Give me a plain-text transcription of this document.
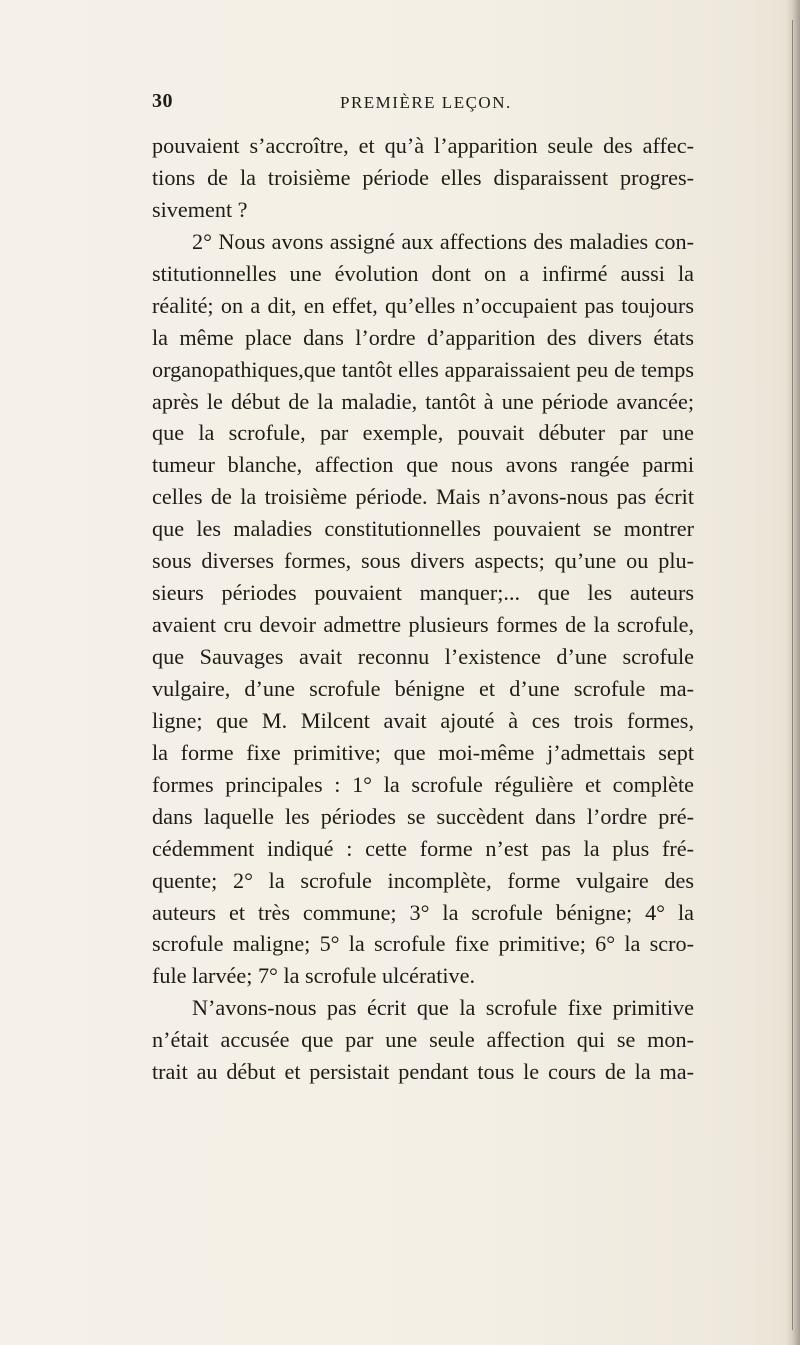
30	PREMIÈRE LEÇON.
pouvaient s’accroître, et qu’à l’apparition seule des affec-
tions de la troisième période elles disparaissent progres-
sivement ?
2° Nous avons assigné aux affections des maladies con-
stitutionnelles une évolution dont on a infirmé aussi la
réalité; on a dit, en effet, qu’elles n’occupaient pas toujours
la même place dans l’ordre d’apparition des divers états
organopathiques,que tantôt elles apparaissaient peu de temps
après le début de la maladie, tantôt à une période avancée;
que la scrofule, par exemple, pouvait débuter par une
tumeur blanche, affection que nous avons rangée parmi
celles de la troisième période. Mais n’avons-nous pas écrit
que les maladies constitutionnelles pouvaient se montrer
sous diverses formes, sous divers aspects; qu’une ou plu-
sieurs périodes pouvaient manquer;... que les auteurs
avaient cru devoir admettre plusieurs formes de la scrofule,
que Sauvages avait reconnu l’existence d’une scrofule
vulgaire, d’une scrofule bénigne et d’une scrofule ma-
ligne; que M. Milcent avait ajouté à ces trois formes,
la forme fixe primitive; que moi-même j’admettais sept
formes principales : 1° la scrofule régulière et complète
dans laquelle les périodes se succèdent dans l’ordre pré-
cédemment indiqué : cette forme n’est pas la plus fré-
quente; 2° la scrofule incomplète, forme vulgaire des
auteurs et très commune; 3° la scrofule bénigne; 4° la
scrofule maligne; 5° la scrofule fixe primitive; 6° la scro-
fule larvée; 7° la scrofule ulcérative.
N’avons-nous pas écrit que la scrofule fixe primitive
n’était accusée que par une seule affection qui se mon-
trait au début et persistait pendant tous le cours de la ma-
